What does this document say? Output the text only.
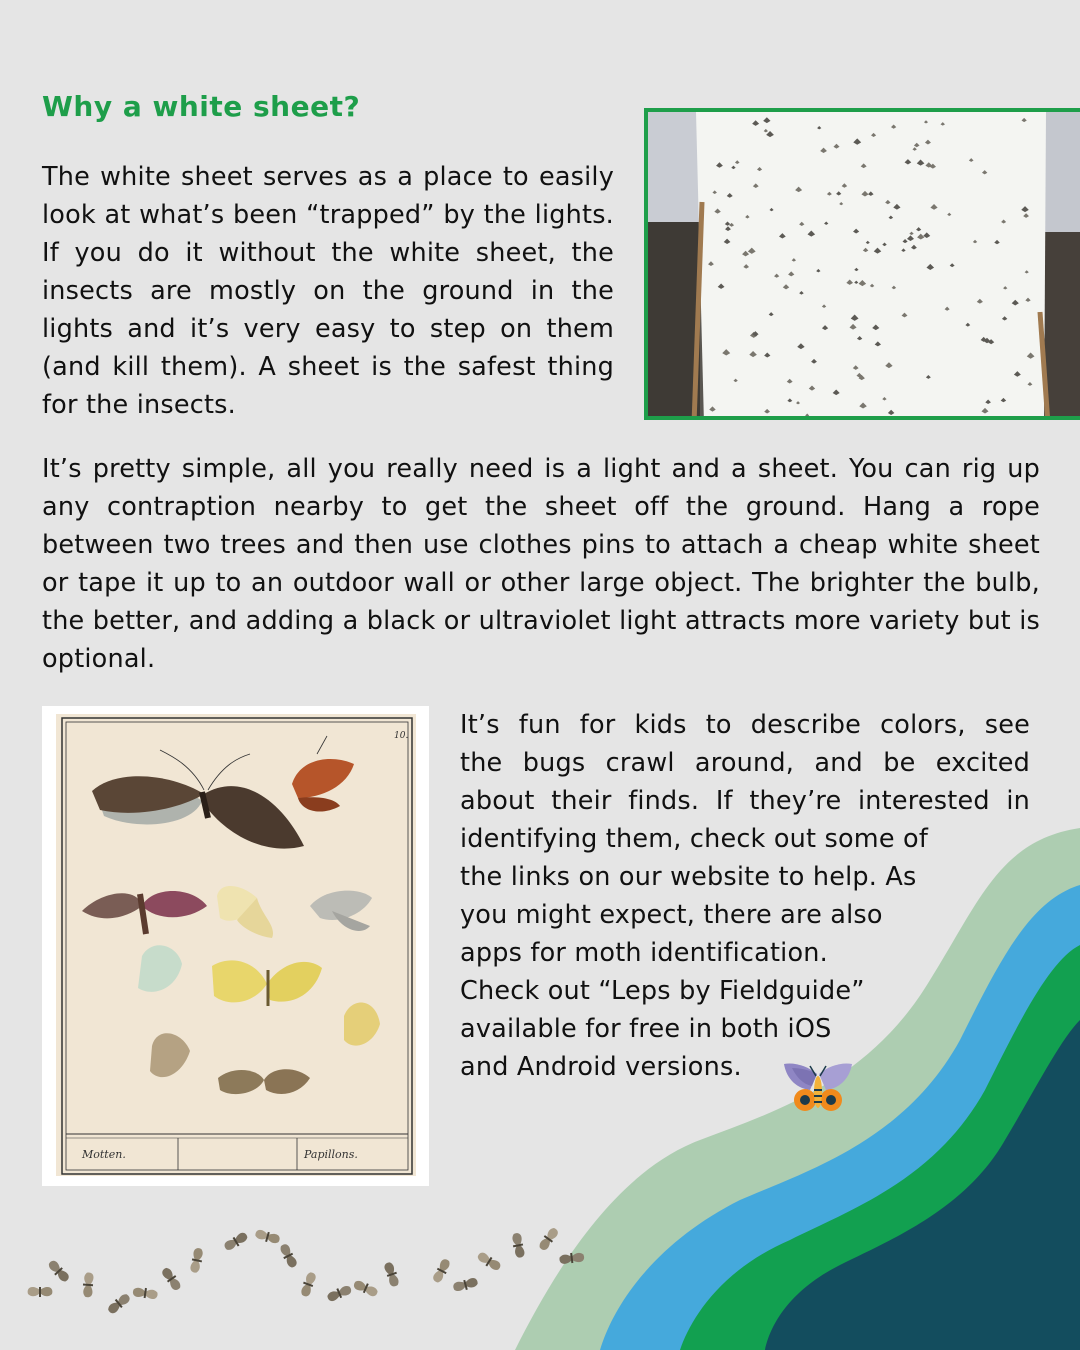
Why a white sheet?

The white sheet serves as a place to easily look at what’s been “trapped” by the lights. If you do it without the white sheet, the insects are mostly on the ground in the lights and it’s very easy to step on them (and kill them). A sheet is the safest thing for the insects.

It’s pretty simple, all you really need is a light and a sheet. You can rig up any contraption nearby to get the sheet off the ground. Hang a rope between two trees and then use clothes pins to attach a cheap white sheet or tape it up to an outdoor wall or other large object. The brighter the bulb, the better, and adding a black or ultraviolet light attracts more variety but is optional.

10.
Motten.	Papillons.
It’s fun for kids to describe colors, see
the bugs crawl around, and be excited
about their finds. If they’re interested in
identifying them, check out some of
the links on our website to help. As
you might expect, there are also
apps for moth identification.
Check out “Leps by Fieldguide”
available for free in both iOS
and Android versions.
